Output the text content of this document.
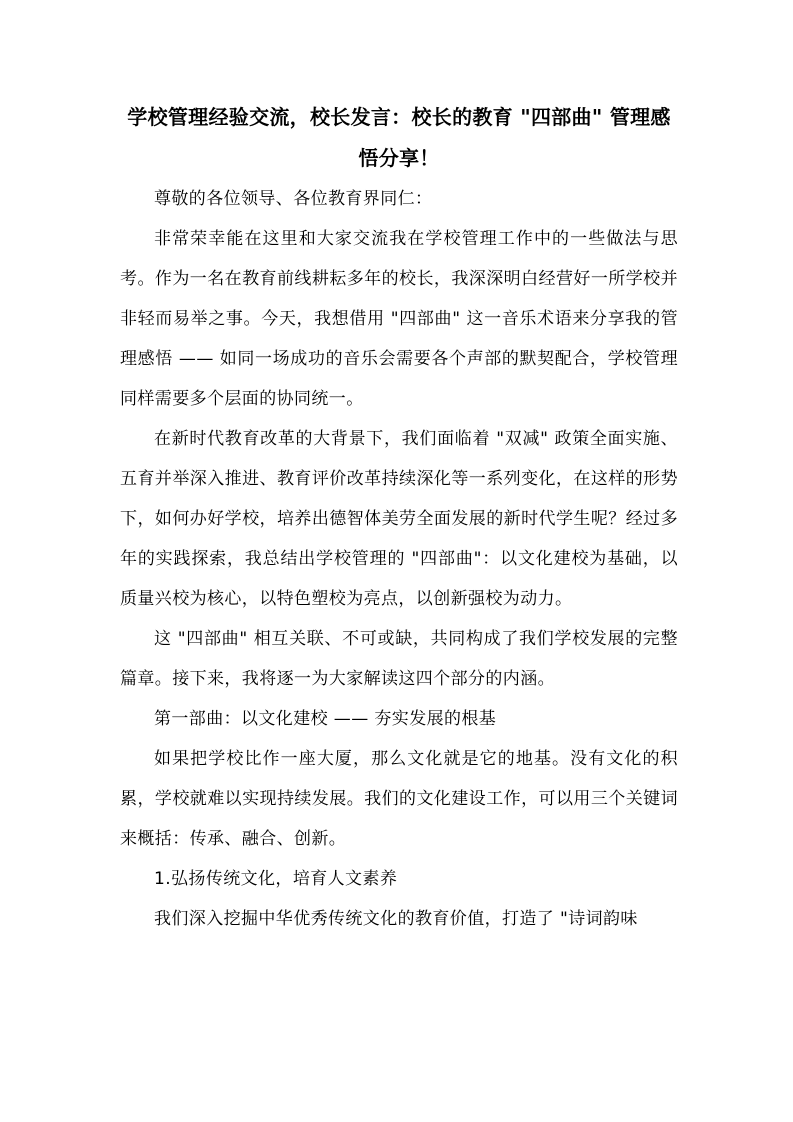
学校管理经验交流，校长发言：校长的教育 "四部曲" 管理感悟分享！

尊敬的各位领导、各位教育界同仁：

非常荣幸能在这里和大家交流我在学校管理工作中的一些做法与思考。作为一名在教育前线耕耘多年的校长，我深深明白经营好一所学校并非轻而易举之事。今天，我想借用 "四部曲" 这一音乐术语来分享我的管理感悟 —— 如同一场成功的音乐会需要各个声部的默契配合，学校管理同样需要多个层面的协同统一。

在新时代教育改革的大背景下，我们面临着 "双减" 政策全面实施、五育并举深入推进、教育评价改革持续深化等一系列变化，在这样的形势下，如何办好学校，培养出德智体美劳全面发展的新时代学生呢？经过多年的实践探索，我总结出学校管理的 "四部曲"：以文化建校为基础，以质量兴校为核心，以特色塑校为亮点，以创新强校为动力。

这 "四部曲" 相互关联、不可或缺，共同构成了我们学校发展的完整篇章。接下来，我将逐一为大家解读这四个部分的内涵。

第一部曲：以文化建校 —— 夯实发展的根基

如果把学校比作一座大厦，那么文化就是它的地基。没有文化的积累，学校就难以实现持续发展。我们的文化建设工作，可以用三个关键词来概括：传承、融合、创新。

1.弘扬传统文化，培育人文素养

我们深入挖掘中华优秀传统文化的教育价值，打造了 "诗词韵味
